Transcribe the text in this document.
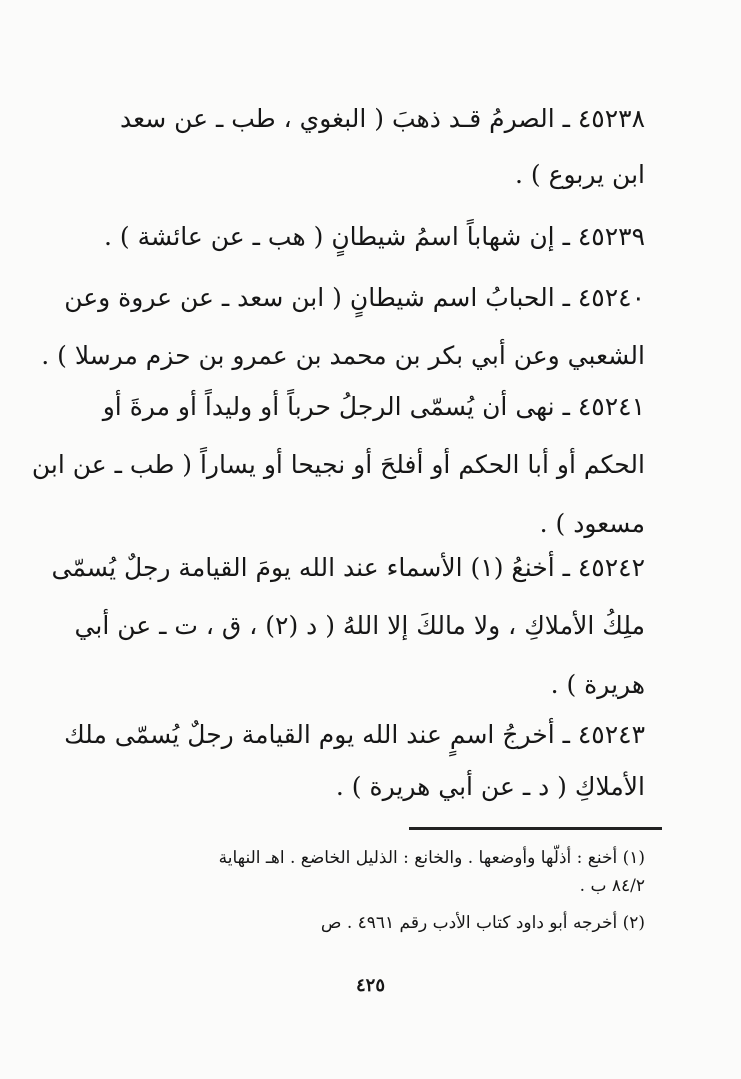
٤٥٢٣٨ ـ الصرمُ قـد ذهبَ ( البغوي ، طب ـ عن سعد
ابن يربوع ) .
٤٥٢٣٩ ـ إن شهاباً اسمُ شيطانٍ ( هب ـ عن عائشة ) .
٤٥٢٤٠ ـ الحبابُ اسم شيطانٍ ( ابن سعد ـ عن عروة وعن
الشعبي وعن أبي بكر بن محمد بن عمرو بن حزم مرسلا ) .
٤٥٢٤١ ـ نهى أن يُسمّى الرجلُ حرباً أو وليداً أو مرةَ أو
الحكم أو أبا الحكم أو أفلحَ أو نجيحا أو يساراً ( طب ـ عن ابن
مسعود ) .
٤٥٢٤٢ ـ أخنعُ (١) الأسماء عند الله يومَ القيامة رجلٌ يُسمّى
ملِكُ الأملاكِ ، ولا مالكَ إلا اللهُ ( د (٢) ، ق ، ت ـ عن أبي
هريرة ) .
٤٥٢٤٣ ـ أخرجُ اسمٍ عند الله يوم القيامة رجلٌ يُسمّى ملك
الأملاكِ ( د ـ عن أبي هريرة ) .
(١) أخنع : أذلّها وأوضعها . والخانع : الذليل الخاضع . اهـ النهاية
٨٤/٢ ب .
(٢) أخرجه أبو داود كتاب الأدب رقم ٤٩٦١ . ص
٤٢٥
